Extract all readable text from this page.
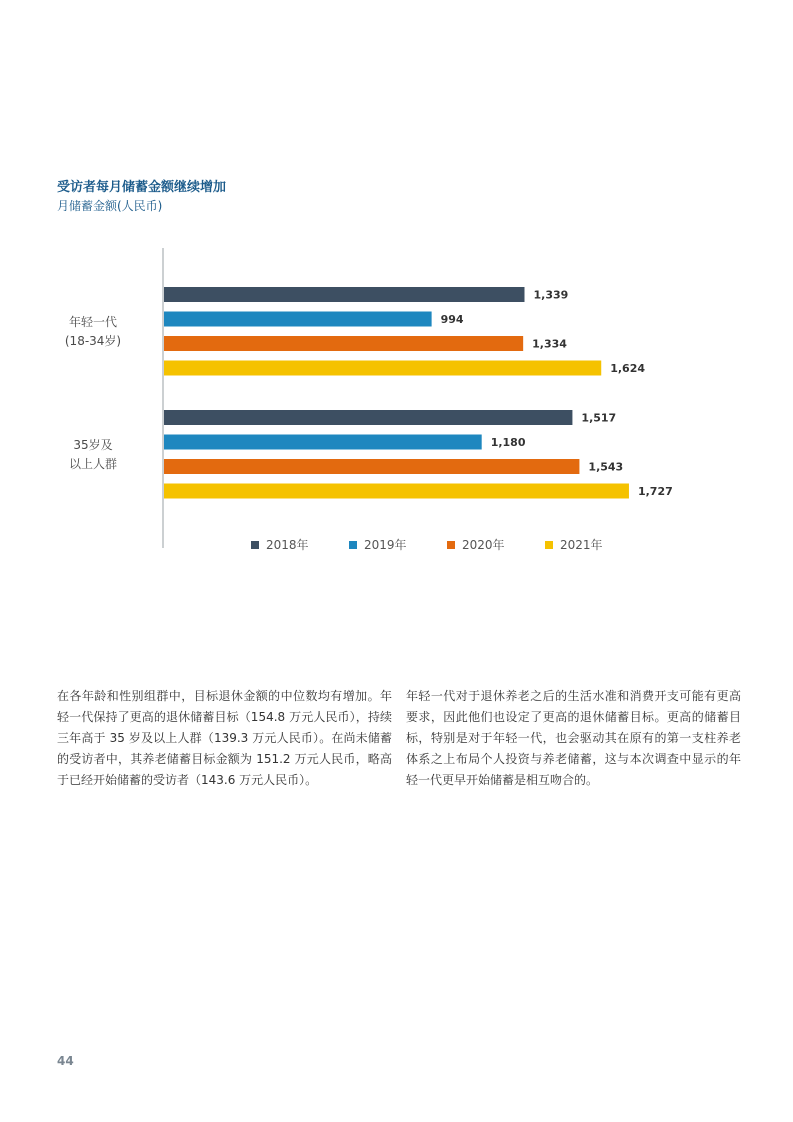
受访者每月储蓄金额继续增加
月储蓄金额(人民币)
年轻一代
(18-34岁)
1,339
994
1,334
1,624
35岁及
以上人群
1,517
1,180
1,543
1,727
2018年	2019年	2020年	2021年
在各年龄和性别组群中，目标退休金额的中位数均有增加。年轻一代保持了更高的退休储蓄目标（154.8 万元人民币），持续三年高于 35 岁及以上人群（139.3 万元人民币）。在尚未储蓄的受访者中，其养老储蓄目标金额为 151.2 万元人民币，略高于已经开始储蓄的受访者（143.6 万元人民币）。
年轻一代对于退休养老之后的生活水准和消费开支可能有更高要求，因此他们也设定了更高的退休储蓄目标。更高的储蓄目标，特别是对于年轻一代，也会驱动其在原有的第一支柱养老体系之上布局个人投资与养老储蓄，这与本次调查中显示的年轻一代更早开始储蓄是相互吻合的。
44
